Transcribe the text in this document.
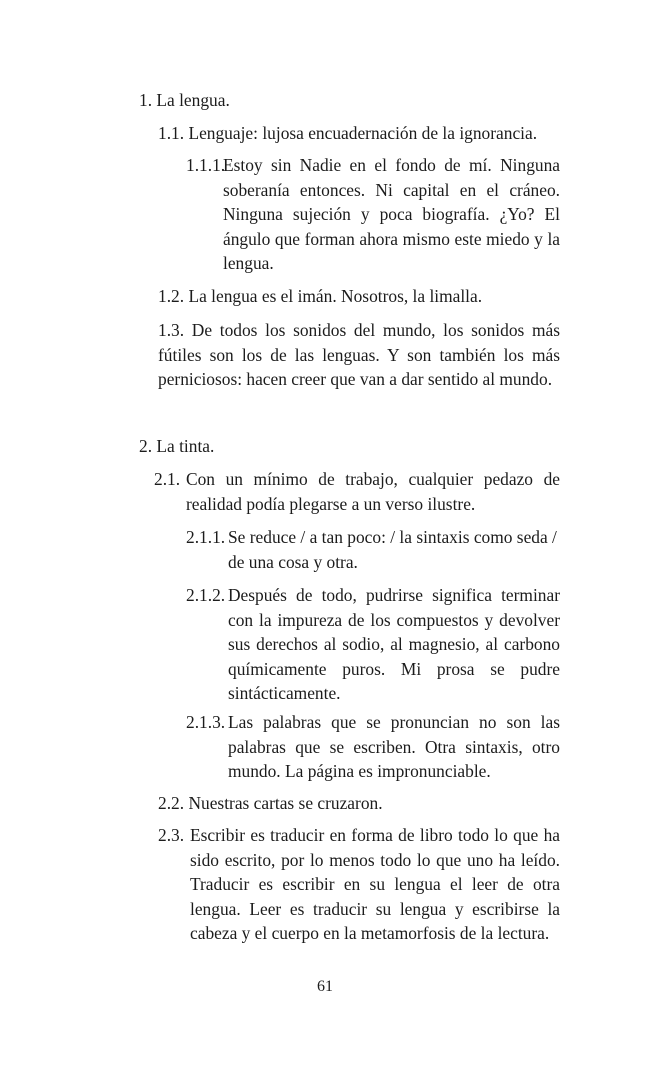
1. La lengua.

1.1. Lenguaje: lujosa encuadernación de la ignorancia.

1.1.1.
Estoy sin Nadie en el fondo de mí. Ninguna soberanía entonces. Ni capital en el cráneo. Ninguna sujeción y poca biografía. ¿Yo? El ángulo que forman ahora mismo este miedo y la lengua.

1.2. La lengua es el imán. Nosotros, la limalla.

1.3. De todos los sonidos del mundo, los sonidos más fútiles son los de las lenguas. Y son también los más perniciosos: hacen creer que van a dar sentido al mundo.

2. La tinta.

2.1. Con un mínimo de trabajo, cualquier pedazo de realidad podía plegarse a un verso ilustre.
2.1.1. Se reduce / a tan poco: / la sintaxis como seda / de una cosa y otra.
2.1.2. Después de todo, pudrirse significa terminar con la impureza de los compuestos y devolver sus derechos al sodio, al magnesio, al carbono químicamente puros. Mi prosa se pudre sintácticamente.
2.1.3. Las palabras que se pronuncian no son las palabras que se escriben. Otra sintaxis, otro mundo. La página es impronunciable.

2.2. Nuestras cartas se cruzaron.

2.3. Escribir es traducir en forma de libro todo lo que ha sido escrito, por lo menos todo lo que uno ha leído. Traducir es escribir en su lengua el leer de otra lengua. Leer es traducir su lengua y escribirse la cabeza y el cuerpo en la metamorfosis de la lectura.
61
